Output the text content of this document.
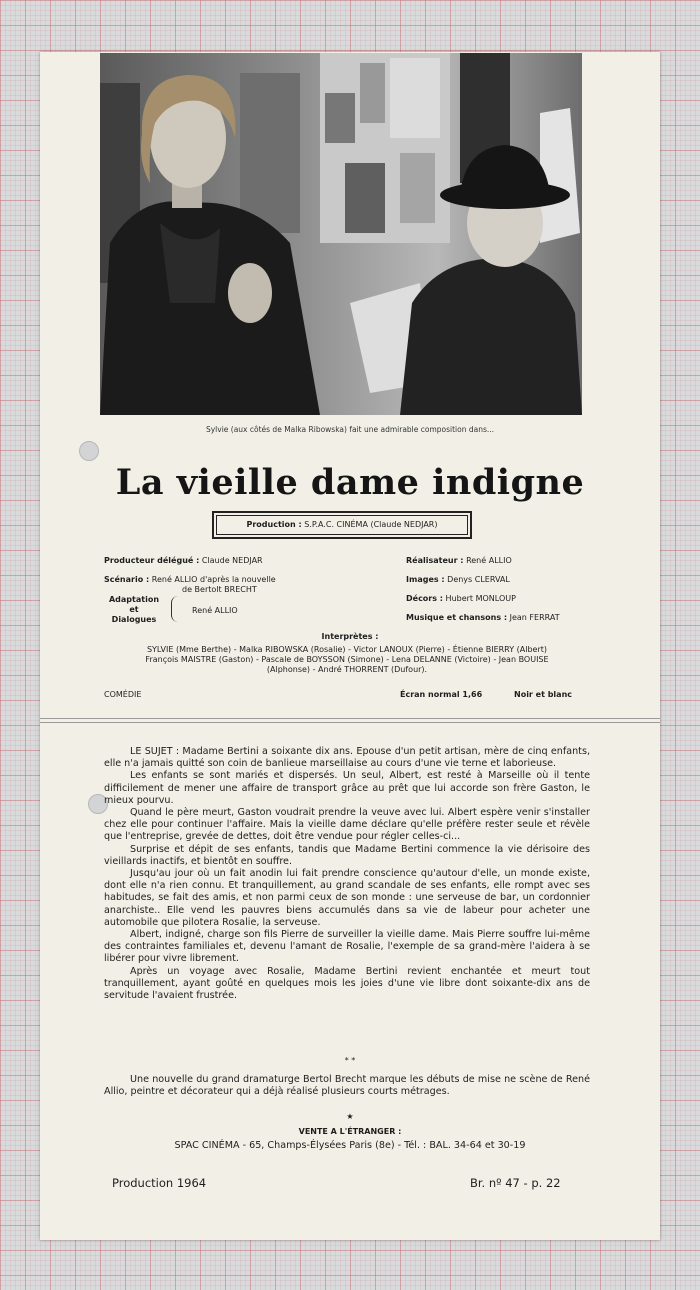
Sylvie (aux côtés de Malka Ribowska) fait une admirable composition dans...
La vieille dame indigne
Production : S.P.A.C. CINÉMA (Claude NEDJAR)
Producteur délégué : Claude NEDJAR
Scénario : René ALLIO d'après la nouvelle
de Bertolt BRECHT
Adaptation
et
Dialogues
René ALLIO
Réalisateur : René ALLIO
Images : Denys CLERVAL
Décors : Hubert MONLOUP
Musique et chansons : Jean FERRAT
Interprètes :
SYLVIE (Mme Berthe) - Malka RIBOWSKA (Rosalie) - Victor LANOUX (Pierre) - Étienne BIERRY (Albert)
François MAISTRE (Gaston) - Pascale de BOYSSON (Simone) - Lena DELANNE (Victoire) - Jean BOUISE
(Alphonse) - André THORRENT (Dufour).
COMÉDIE	Écran normal 1,66	Noir et blanc

LE SUJET : Madame Bertini a soixante dix ans. Epouse d'un petit artisan, mère de cinq enfants, elle n'a jamais quitté son coin de banlieue marseillaise au cours d'une vie terne et laborieuse.

Les enfants se sont mariés et dispersés. Un seul, Albert, est resté à Marseille où il tente difficilement de mener une affaire de transport grâce au prêt que lui accorde son frère Gaston, le mieux pourvu.

Quand le père meurt, Gaston voudrait prendre la veuve avec lui. Albert espère venir s'installer chez elle pour continuer l'affaire. Mais la vieille dame déclare qu'elle préfère rester seule et révèle que l'entreprise, grevée de dettes, doit être vendue pour régler celles-ci...

Surprise et dépit de ses enfants, tandis que Madame Bertini commence la vie dérisoire des vieillards inactifs, et bientôt en souffre.

Jusqu'au jour où un fait anodin lui fait prendre conscience qu'autour d'elle, un monde existe, dont elle n'a rien connu. Et tranquillement, au grand scandale de ses enfants, elle rompt avec ses habitudes, se fait des amis, et non parmi ceux de son monde : une serveuse de bar, un cordonnier anarchiste.. Elle vend les pauvres biens accumulés dans sa vie de labeur pour acheter une automobile que pilotera Rosalie, la serveuse.

Albert, indigné, charge son fils Pierre de surveiller la vieille dame. Mais Pierre souffre lui-même des contraintes familiales et, devenu l'amant de Rosalie, l'exemple de sa grand-mère l'aidera à se libérer pour vivre librement.

Après un voyage avec Rosalie, Madame Bertini revient enchantée et meurt tout tranquillement, ayant goûté en quelques mois les joies d'une vie libre dont soixante-dix ans de servitude l'avaient frustrée.

* *

Une nouvelle du grand dramaturge Bertol Brecht marque les débuts de mise ne scène de René Allio, peintre et décorateur qui a déjà réalisé plusieurs courts métrages.

★
VENTE A L'ÉTRANGER :
SPAC CINÉMA - 65, Champs-Élysées Paris (8e) - Tél. : BAL. 34-64 et 30-19
Production 1964	Br. nº 47 - p. 22
